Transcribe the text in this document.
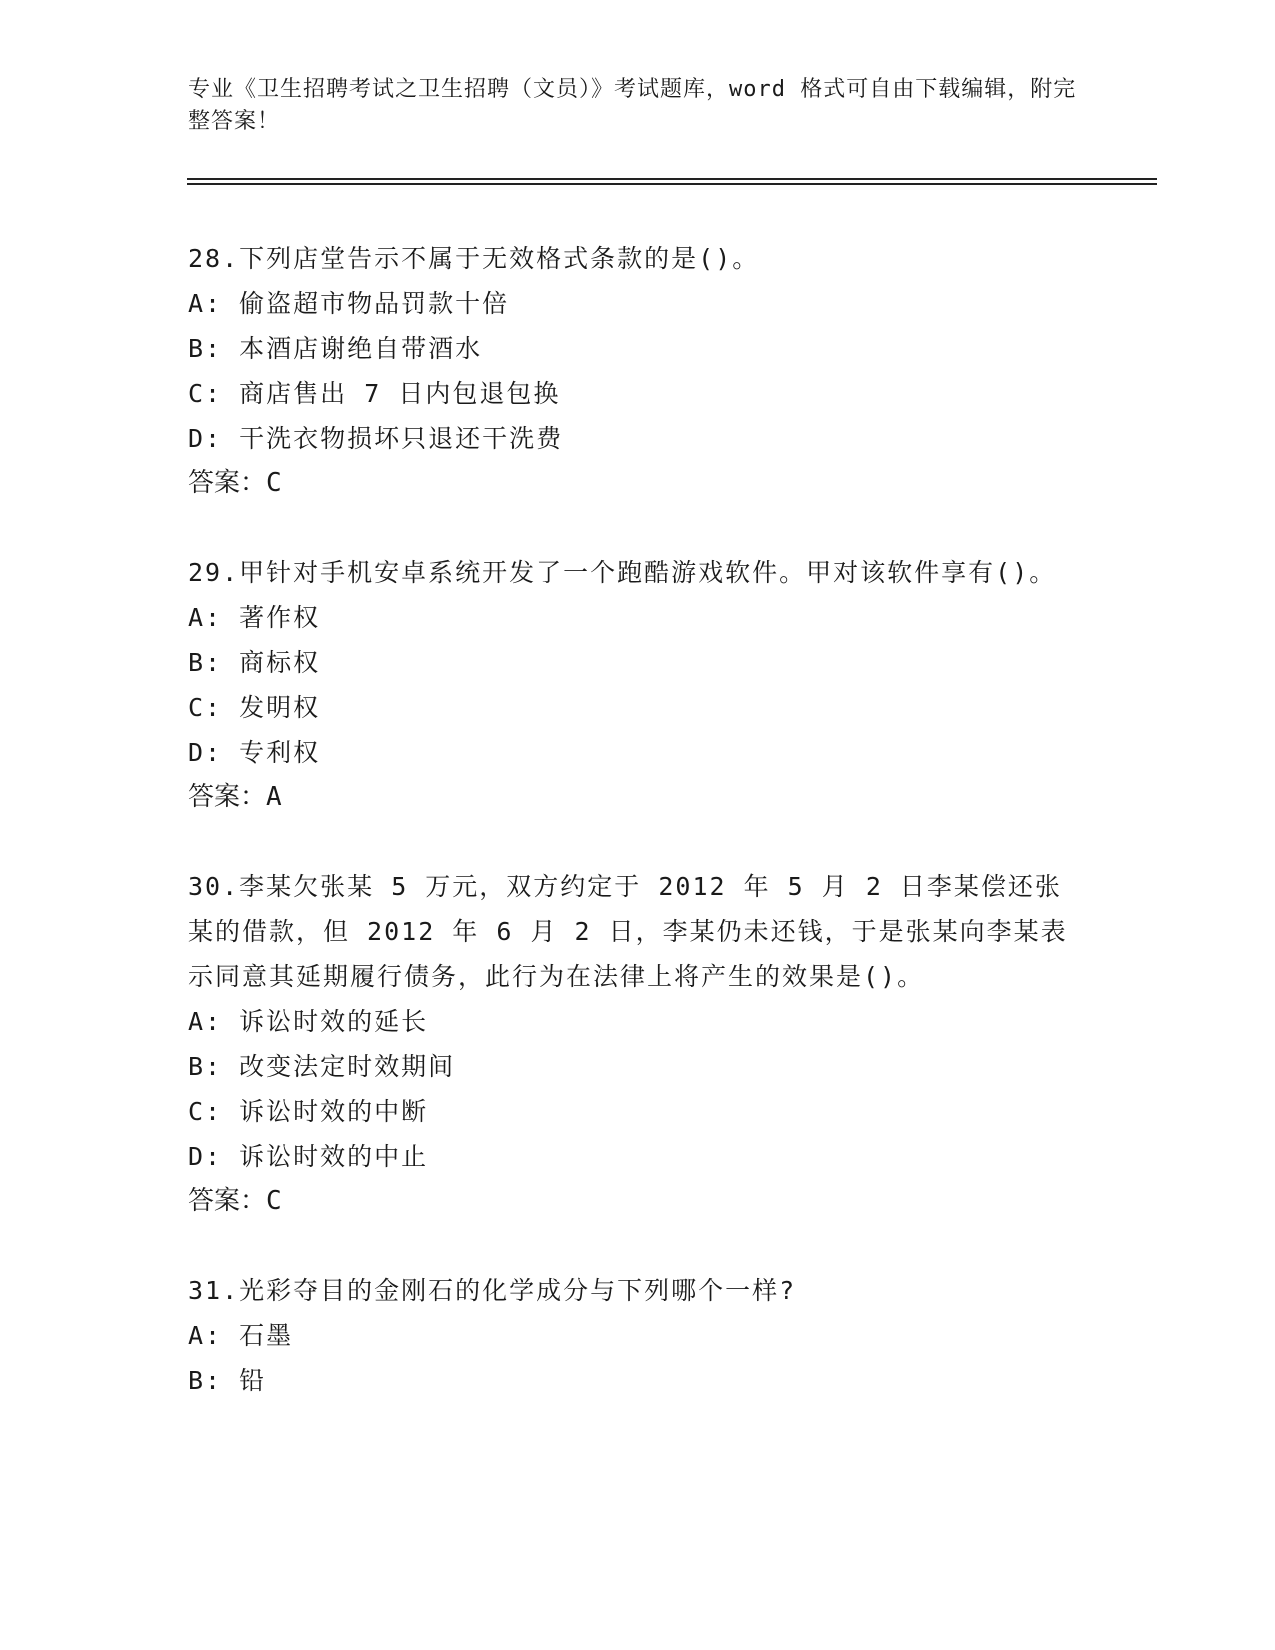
专业《卫生招聘考试之卫生招聘（文员）》考试题库，word 格式可自由下载编辑，附完整答案！

28.下列店堂告示不属于无效格式条款的是()。

A: 偷盗超市物品罚款十倍

B: 本酒店谢绝自带酒水

C: 商店售出 7 日内包退包换

D: 干洗衣物损坏只退还干洗费

答案：C

29.甲针对手机安卓系统开发了一个跑酷游戏软件。甲对该软件享有()。

A: 著作权

B: 商标权

C: 发明权

D: 专利权

答案：A

30.李某欠张某 5 万元，双方约定于 2012 年 5 月 2 日李某偿还张某的借款，但 2012 年 6 月 2 日，李某仍未还钱，于是张某向李某表示同意其延期履行债务，此行为在法律上将产生的效果是()。

A: 诉讼时效的延长

B: 改变法定时效期间

C: 诉讼时效的中断

D: 诉讼时效的中止

答案：C

31.光彩夺目的金刚石的化学成分与下列哪个一样?

A: 石墨

B: 铅
